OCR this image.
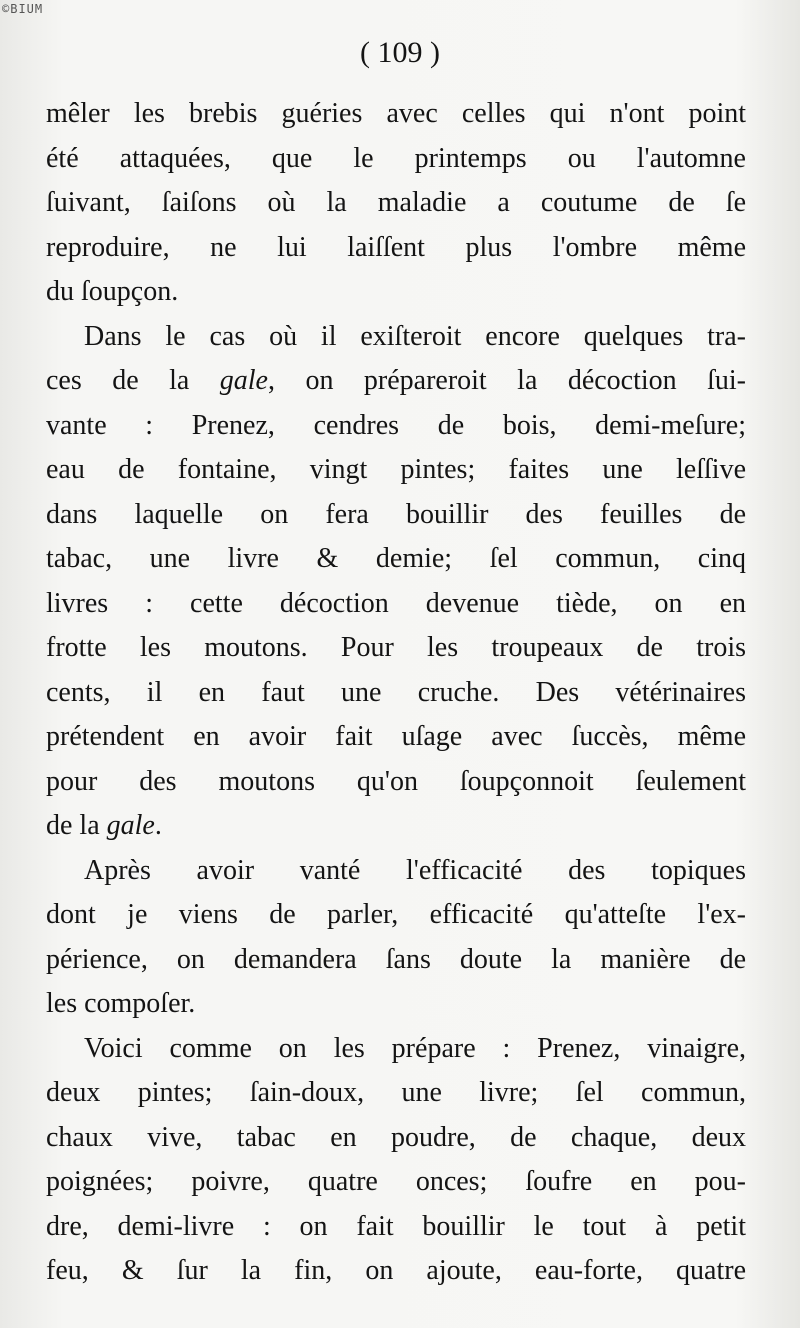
©BIUM
( 109 )
mêler les brebis guéries avec celles qui n'ont point
été attaquées, que le printemps ou l'automne
ſuivant, ſaiſons où la maladie a coutume de ſe
reproduire, ne lui laiſſent plus l'ombre même
du ſoupçon.
Dans le cas où il exiſteroit encore quelques tra-
ces de la gale, on prépareroit la décoction ſui-
vante : Prenez, cendres de bois, demi-meſure;
eau de fontaine, vingt pintes; faites une leſſive
dans laquelle on fera bouillir des feuilles de
tabac, une livre & demie; ſel commun, cinq
livres : cette décoction devenue tiède, on en
frotte les moutons. Pour les troupeaux de trois
cents, il en faut une cruche. Des vétérinaires
prétendent en avoir fait uſage avec ſuccès, même
pour des moutons qu'on ſoupçonnoit ſeulement
de la gale.
Après avoir vanté l'efficacité des topiques
dont je viens de parler, efficacité qu'atteſte l'ex-
périence, on demandera ſans doute la manière de
les compoſer.
Voici comme on les prépare : Prenez, vinaigre,
deux pintes; ſain-doux, une livre; ſel commun,
chaux vive, tabac en poudre, de chaque, deux
poignées; poivre, quatre onces; ſoufre en pou-
dre, demi-livre : on fait bouillir le tout à petit
feu, & ſur la fin, on ajoute, eau-forte, quatre
